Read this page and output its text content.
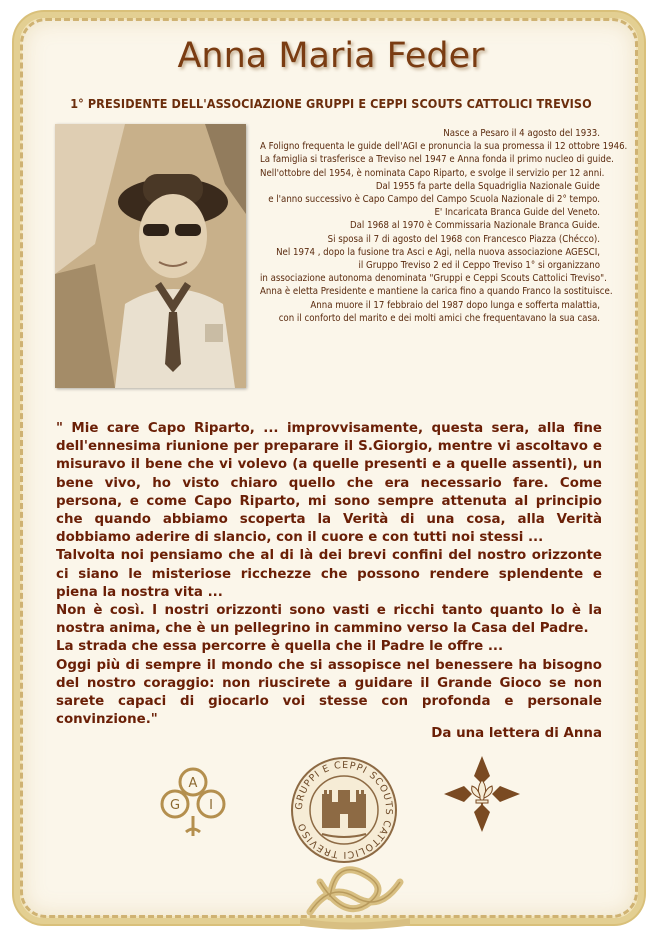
Anna Maria Feder
1° PRESIDENTE DELL'ASSOCIAZIONE GRUPPI E CEPPI SCOUTS CATTOLICI TREVISO
Nasce a Pesaro il 4 agosto del 1933.
A Foligno frequenta le guide dell'AGI e pronuncia la sua promessa il 12 ottobre 1946.
La famiglia si trasferisce a Treviso nel 1947 e Anna fonda il primo nucleo di guide.
Nell'ottobre del 1954, è nominata Capo Riparto, e svolge il servizio per 12 anni.
Dal 1955 fa parte della Squadriglia Nazionale Guide
e l'anno successivo è Capo Campo del Campo Scuola Nazionale di 2° tempo.
E' Incaricata Branca Guide del Veneto.
Dal 1968 al 1970 è Commissaria Nazionale Branca Guide.
Si sposa il 7 di agosto del 1968 con Francesco Piazza (Chécco).
Nel 1974 , dopo la fusione tra Asci e Agi, nella nuova associazione AGESCI,
il Gruppo Treviso 2 ed il Ceppo Treviso 1° si organizzano
in associazione autonoma denominata "Gruppi e Ceppi Scouts Cattolici Treviso".
Anna è eletta Presidente e mantiene la carica fino a quando Franco la sostituisce.
Anna muore il 17 febbraio del 1987 dopo lunga e sofferta malattia,
con il conforto del marito e dei molti amici che frequentavano la sua casa.

" Mie care Capo Riparto, ... improvvisamente, questa sera, alla fine dell'ennesima riunione per preparare il S.Giorgio, mentre vi ascoltavo e misuravo il bene che vi volevo (a quelle presenti e a quelle assenti), un bene vivo, ho visto chiaro quello che era necessario fare. Come persona, e come Capo Riparto, mi sono sempre attenuta al principio che quando abbiamo scoperta la Verità di una cosa, alla Verità dobbiamo aderire di slancio, con il cuore e con tutti noi stessi ...

Talvolta noi pensiamo che al di là dei brevi confini del nostro orizzonte ci siano le misteriose ricchezze che possono rendere splendente e piena la nostra vita ...

Non è così. I nostri orizzonti sono vasti e ricchi tanto quanto lo è la nostra anima, che è un pellegrino in cammino verso la Casa del Padre.

La strada che essa percorre è quella che il Padre le offre ...

Oggi più di sempre il mondo che si assopisce nel benessere ha bisogno del nostro coraggio: non riuscirete a guidare il Grande Gioco se non sarete capaci di giocarlo voi stesse con profonda e personale convinzione."

Da una lettera di Anna
A
G I	GRUPPI E CEPPI SCOUTS CATTOLICI TREVISO
